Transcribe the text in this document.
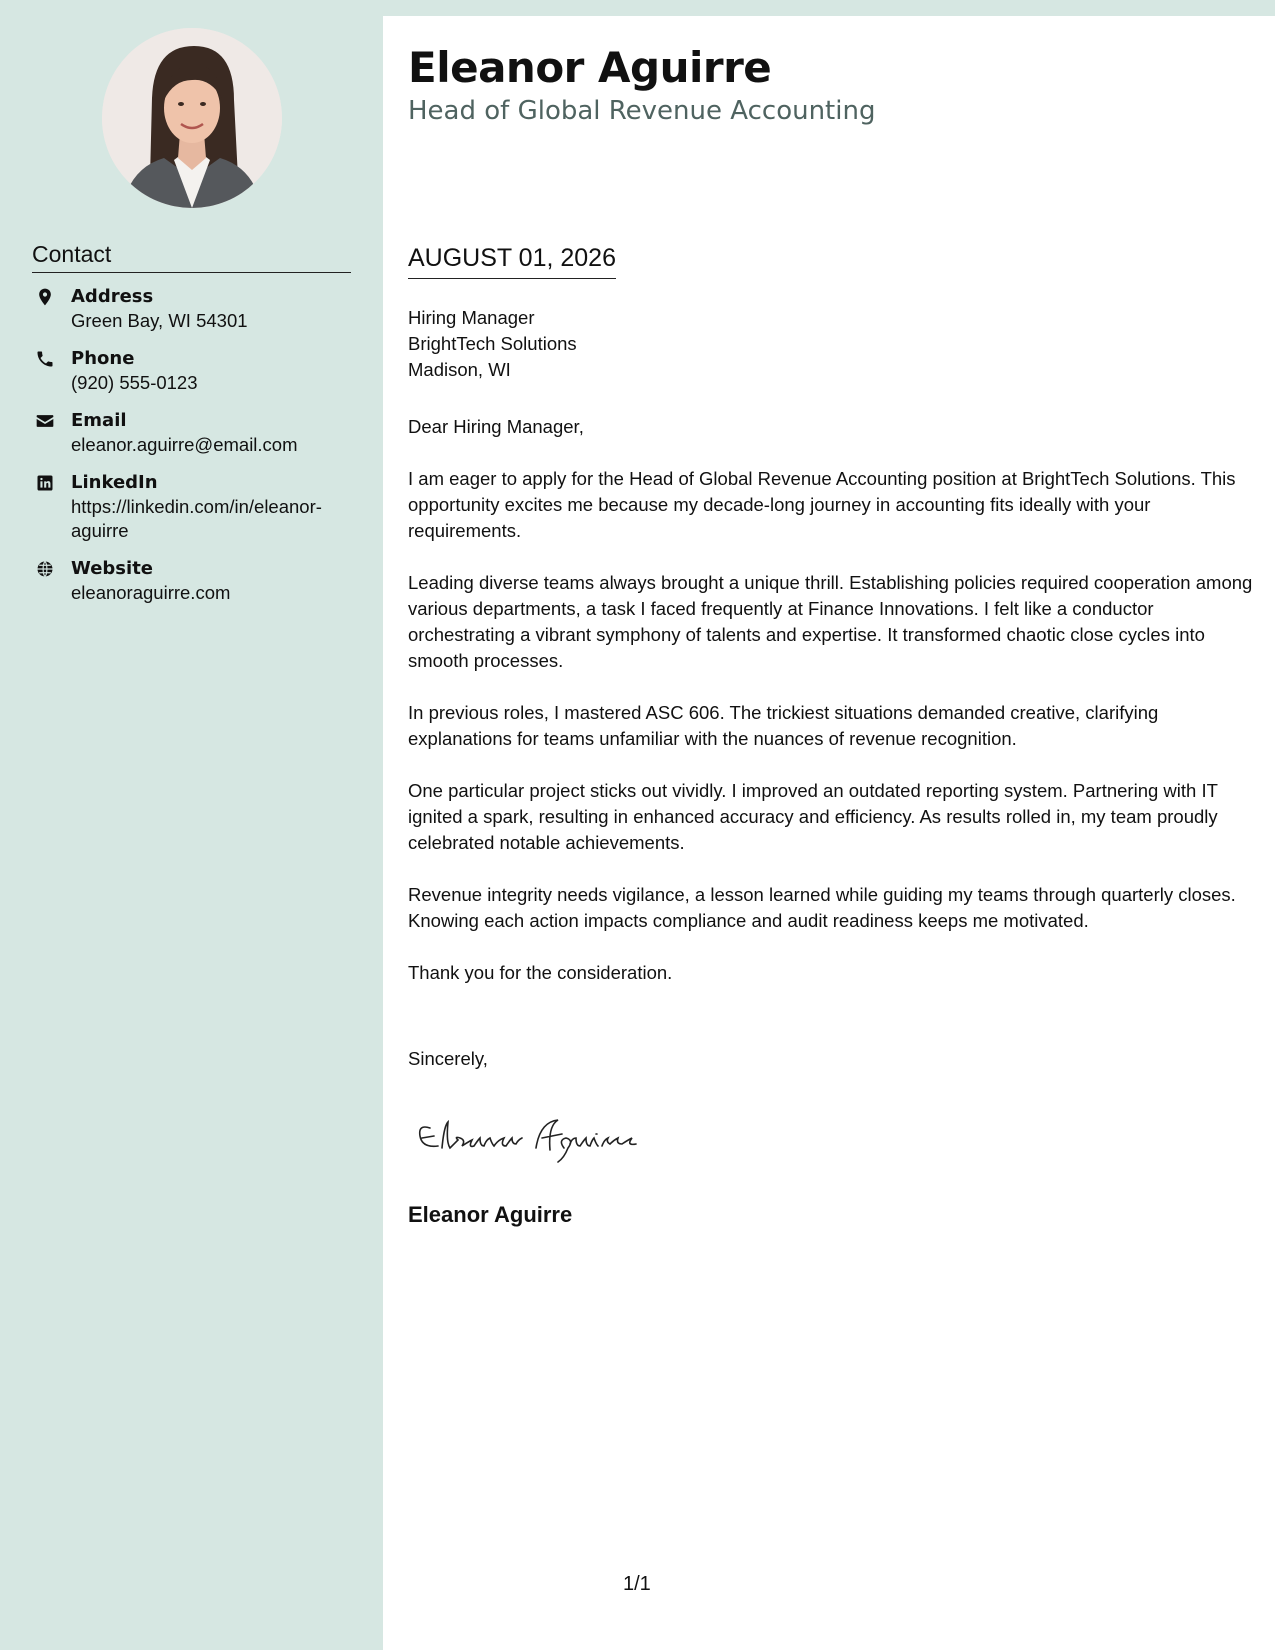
Contact
Address
Green Bay, WI 54301
Phone
(920) 555-0123
Email
eleanor.aguirre@email.com
LinkedIn
https://linkedin.com/in/eleanor-aguirre
Website
eleanoraguirre.com
Eleanor Aguirre
Head of Global Revenue Accounting
AUGUST 01, 2026
Hiring Manager
BrightTech Solutions
Madison, WI

Dear Hiring Manager,

I am eager to apply for the Head of Global Revenue Accounting position at BrightTech Solutions. This opportunity excites me because my decade-long journey in accounting fits ideally with your requirements.

Leading diverse teams always brought a unique thrill. Establishing policies required cooperation among various departments, a task I faced frequently at Finance Innovations. I felt like a conductor orchestrating a vibrant symphony of talents and expertise. It transformed chaotic close cycles into smooth processes.

In previous roles, I mastered ASC 606. The trickiest situations demanded creative, clarifying explanations for teams unfamiliar with the nuances of revenue recognition.

One particular project sticks out vividly. I improved an outdated reporting system. Partnering with IT ignited a spark, resulting in enhanced accuracy and efficiency. As results rolled in, my team proudly celebrated notable achievements.

Revenue integrity needs vigilance, a lesson learned while guiding my teams through quarterly closes. Knowing each action impacts compliance and audit readiness keeps me motivated.

Thank you for the consideration.

Sincerely,
Eleanor Aguirre
1/1
